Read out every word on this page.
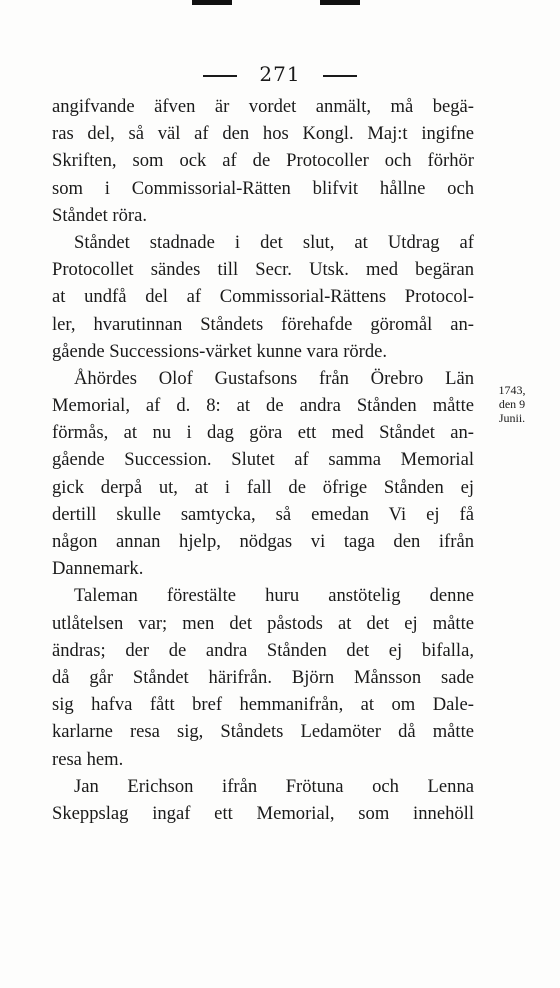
271
angifvande äfven är vordet anmält, må begä-
ras del, så väl af den hos Kongl. Maj:t ingifne
Skriften, som ock af de Protocoller och förhör
som i Commissorial-Rätten blifvit hållne och
Ståndet röra.
Ståndet stadnade i det slut, at Utdrag af
Protocollet sändes till Secr. Utsk. med begäran
at undfå del af Commissorial-Rättens Protocol-
ler, hvarutinnan Ståndets förehafde göromål an-
gående Successions-värket kunne vara rörde.
Åhördes Olof Gustafsons från Örebro Län
Memorial, af d. 8: at de andra Stånden måtte
förmås, at nu i dag göra ett med Ståndet an-
gående Succession. Slutet af samma Memorial
gick derpå ut, at i fall de öfrige Stånden ej
dertill skulle samtycka, så emedan Vi ej få
någon annan hjelp, nödgas vi taga den ifrån
Dannemark.
Taleman förestälte huru anstötelig denne
utlåtelsen var; men det påstods at det ej måtte
ändras; der de andra Stånden det ej bifalla,
då går Ståndet härifrån. Björn Månsson sade
sig hafva fått bref hemmanifrån, at om Dale-
karlarne resa sig, Ståndets Ledamöter då måtte
resa hem.
Jan Erichson ifrån Frötuna och Lenna
Skeppslag ingaf ett Memorial, som innehöll
1743,
den 9
Junii.
